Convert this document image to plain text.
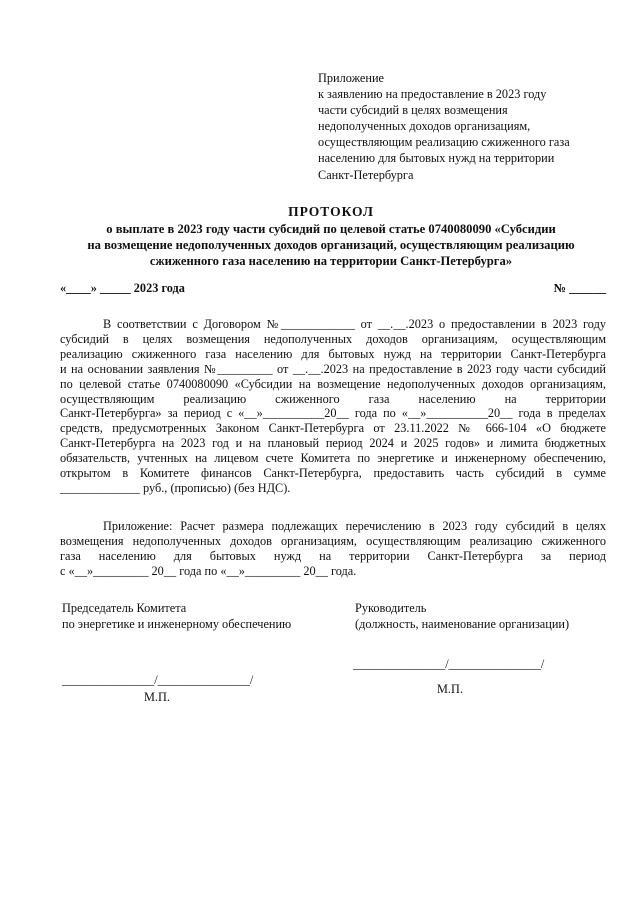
Приложение
к заявлению на предоставление в 2023 году
части субсидий в целях возмещения
недополученных доходов организациям,
осуществляющим реализацию сжиженного газа
населению для бытовых нужд на территории
Санкт-Петербурга
ПРОТОКОЛ
о выплате в 2023 году части субсидий по целевой статье 0740080090 «Субсидии
на возмещение недополученных доходов организаций, осуществляющим реализацию
сжиженного газа населению на территории Санкт-Петербурга»
«____» _____ 2023 года	№ ______
В соответствии с Договором №____________ от __.__.2023 о предоставлении в 2023 году
субсидий в целях возмещения недополученных доходов организациям, осуществляющим
реализацию сжиженного газа населению для бытовых нужд на территории Санкт-Петербурга
и на основании заявления №_________ от __.__.2023 на предоставление в 2023 году части субсидий
по целевой статье 0740080090 «Субсидии на возмещение недополученных доходов организациям,
осуществляющим реализацию сжиженного газа населению на территории
Санкт-Петербурга» за период с «__»__________20__ года по «__»__________20__ года в пределах
средств, предусмотренных Законом Санкт-Петербурга от 23.11.2022 № 666-104 «О бюджете
Санкт-Петербурга на 2023 год и на плановый период 2024 и 2025 годов» и лимита бюджетных
обязательств, учтенных на лицевом счете Комитета по энергетике и инженерному обеспечению,
открытом в Комитете финансов Санкт-Петербурга, предоставить часть субсидий в сумме
_____________ руб., (прописью) (без НДС).
Приложение: Расчет размера подлежащих перечислению в 2023 году субсидий в целях
возмещения недополученных доходов организациям, осуществляющим реализацию сжиженного
газа населению для бытовых нужд на территории Санкт-Петербурга за период
с «__»_________ 20__ года по «__»_________ 20__ года.
Председатель Комитета
по энергетике и инженерному обеспечению
_______________/_______________/
М.П.
Руководитель
(должность, наименование организации)
_______________/_______________/
М.П.
